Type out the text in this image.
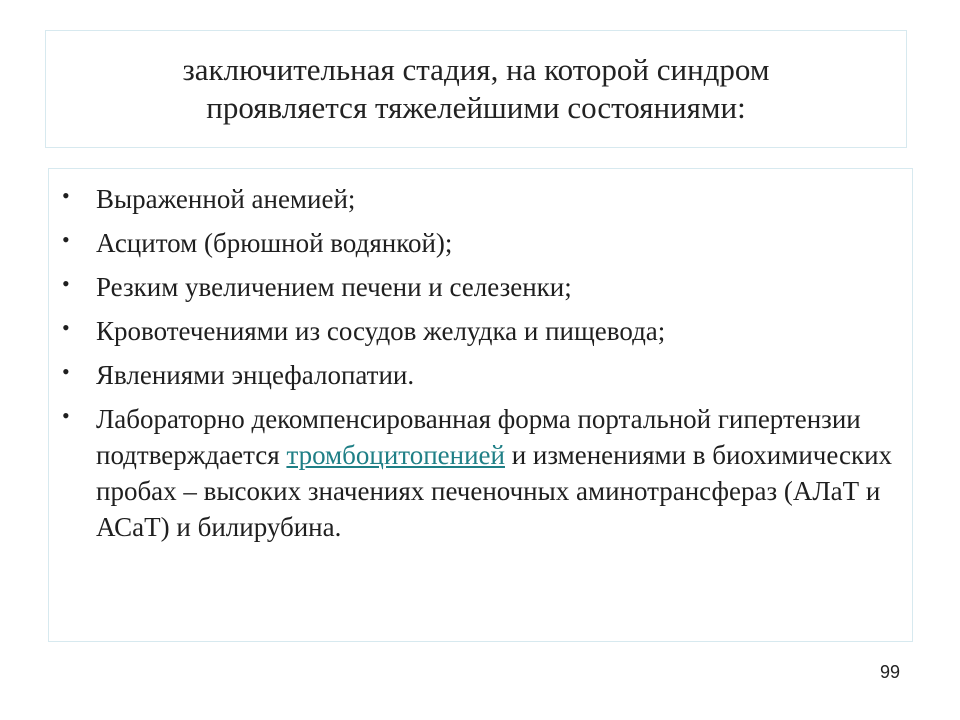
заключительная стадия, на которой синдром проявляется тяжелейшими состояниями:
• Выраженной анемией;
• Асцитом (брюшной водянкой);
• Резким увеличением печени и селезенки;
• Кровотечениями из сосудов желудка и пищевода;
• Явлениями энцефалопатии.
• Лабораторно декомпенсированная форма портальной гипертензии подтверждается тромбоцитопенией и изменениями в биохимических пробах – высоких значениях печеночных аминотрансфераз (АЛаТ и АСаТ) и билирубина.
99
